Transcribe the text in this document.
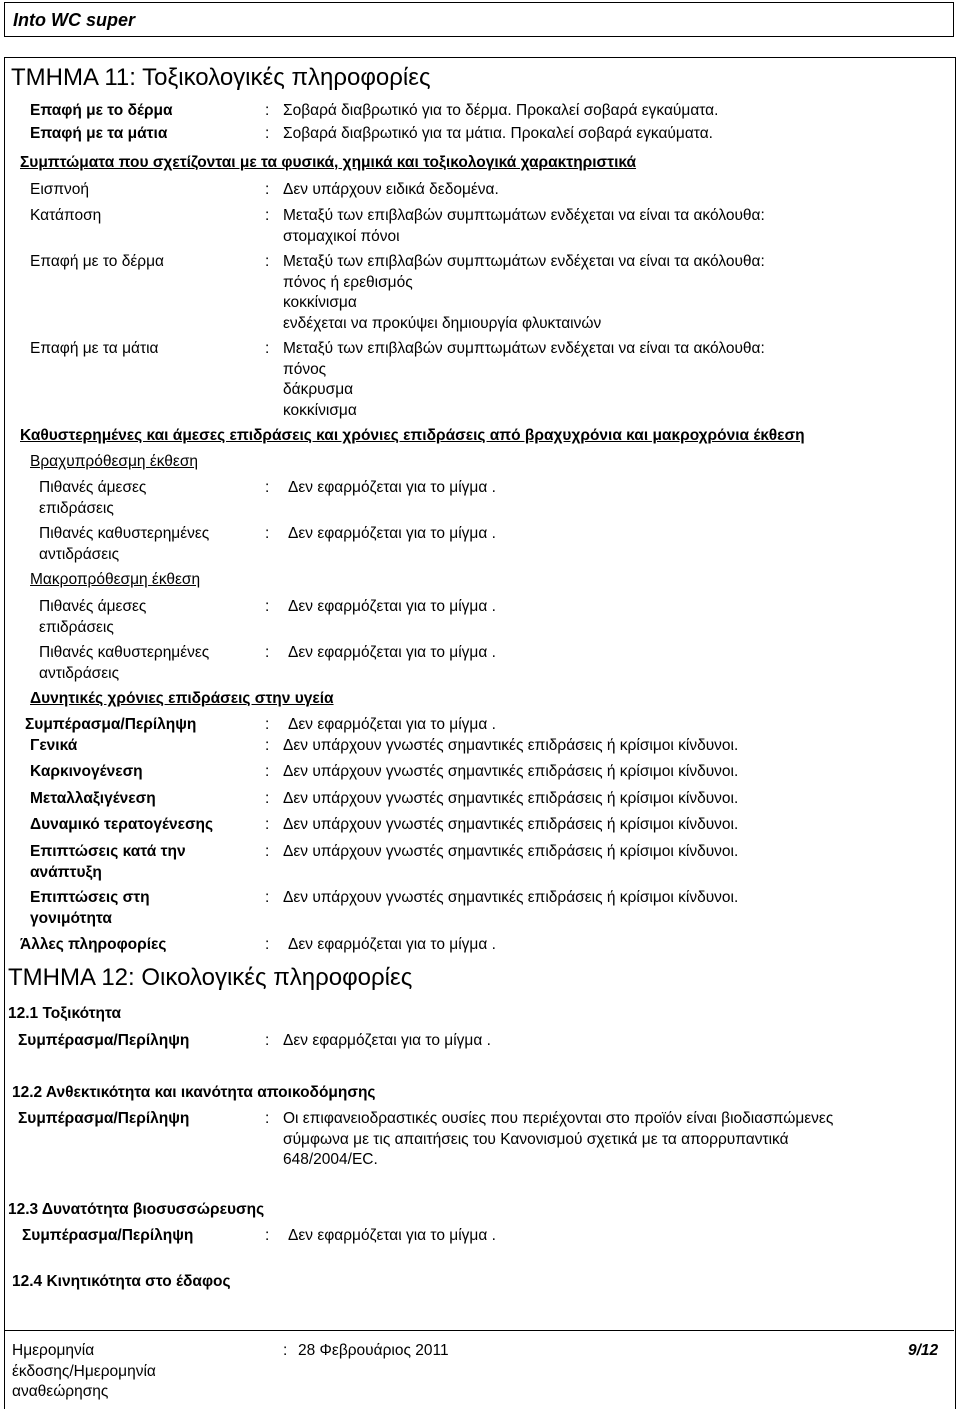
Into WC super
ΤΜΗΜΑ 11: Τοξικολογικές πληροφορίες
Επαφή με το δέρμα	: Σοβαρά διαβρωτικό για το δέρμα. Προκαλεί σοβαρά εγκαύματα.
Επαφή με τα μάτια	: Σοβαρά διαβρωτικό για τα μάτια. Προκαλεί σοβαρά εγκαύματα.
Συμπτώματα που σχετίζονται με τα φυσικά, χημικά και τοξικολογικά χαρακτηριστικά
Εισπνοή	: Δεν υπάρχουν ειδικά δεδομένα.
Κατάποση	: Μεταξύ των επιβλαβών συμπτωμάτων ενδέχεται να είναι τα ακόλουθα:
στομαχικοί πόνοι
Επαφή με το δέρμα	: Μεταξύ των επιβλαβών συμπτωμάτων ενδέχεται να είναι τα ακόλουθα:
πόνος ή ερεθισμός
κοκκίνισμα
ενδέχεται να προκύψει δημιουργία φλυκταινών
Επαφή με τα μάτια	: Μεταξύ των επιβλαβών συμπτωμάτων ενδέχεται να είναι τα ακόλουθα:
πόνος
δάκρυσμα
κοκκίνισμα
Καθυστερημένες και άμεσες επιδράσεις και χρόνιες επιδράσεις από βραχυχρόνια και μακροχρόνια έκθεση
Βραχυπρόθεσμη έκθεση
Πιθανές άμεσες
επιδράσεις
: Δεν εφαρμόζεται για το μίγμα .
Πιθανές καθυστερημένες
αντιδράσεις
: Δεν εφαρμόζεται για το μίγμα .
Μακροπρόθεσμη έκθεση
Πιθανές άμεσες
επιδράσεις
: Δεν εφαρμόζεται για το μίγμα .
Πιθανές καθυστερημένες
αντιδράσεις
: Δεν εφαρμόζεται για το μίγμα .
Δυνητικές χρόνιες επιδράσεις στην υγεία
Συμπέρασμα/Περίληψη	: Δεν εφαρμόζεται για το μίγμα .
Γενικά	: Δεν υπάρχουν γνωστές σημαντικές επιδράσεις ή κρίσιμοι κίνδυνοι.
Καρκινογένεση	: Δεν υπάρχουν γνωστές σημαντικές επιδράσεις ή κρίσιμοι κίνδυνοι.
Μεταλλαξιγένεση	: Δεν υπάρχουν γνωστές σημαντικές επιδράσεις ή κρίσιμοι κίνδυνοι.
Δυναμικό τερατογένεσης	: Δεν υπάρχουν γνωστές σημαντικές επιδράσεις ή κρίσιμοι κίνδυνοι.
Επιπτώσεις κατά την
ανάπτυξη
: Δεν υπάρχουν γνωστές σημαντικές επιδράσεις ή κρίσιμοι κίνδυνοι.
Επιπτώσεις στη
γονιμότητα
: Δεν υπάρχουν γνωστές σημαντικές επιδράσεις ή κρίσιμοι κίνδυνοι.
Άλλες πληροφορίες	: Δεν εφαρμόζεται για το μίγμα .
ΤΜΗΜΑ 12: Οικολογικές πληροφορίες
12.1 Τοξικότητα
Συμπέρασμα/Περίληψη	: Δεν εφαρμόζεται για το μίγμα .
12.2 Ανθεκτικότητα και ικανότητα αποικοδόμησης
Συμπέρασμα/Περίληψη	: Οι επιφανειοδραστικές ουσίες που περιέχονται στο προϊόν είναι βιοδιασπώμενες
σύμφωνα με τις απαιτήσεις του Κανονισμού σχετικά με τα απορρυπαντικά
648/2004/EC.
12.3 Δυνατότητα βιοσυσσώρευσης
Συμπέρασμα/Περίληψη	: Δεν εφαρμόζεται για το μίγμα .
12.4 Κινητικότητα στο έδαφος
Ημερομηνία
έκδοσης/Ημερομηνία
αναθεώρησης
: 28 Φεβρουάριος 2011	9/12
